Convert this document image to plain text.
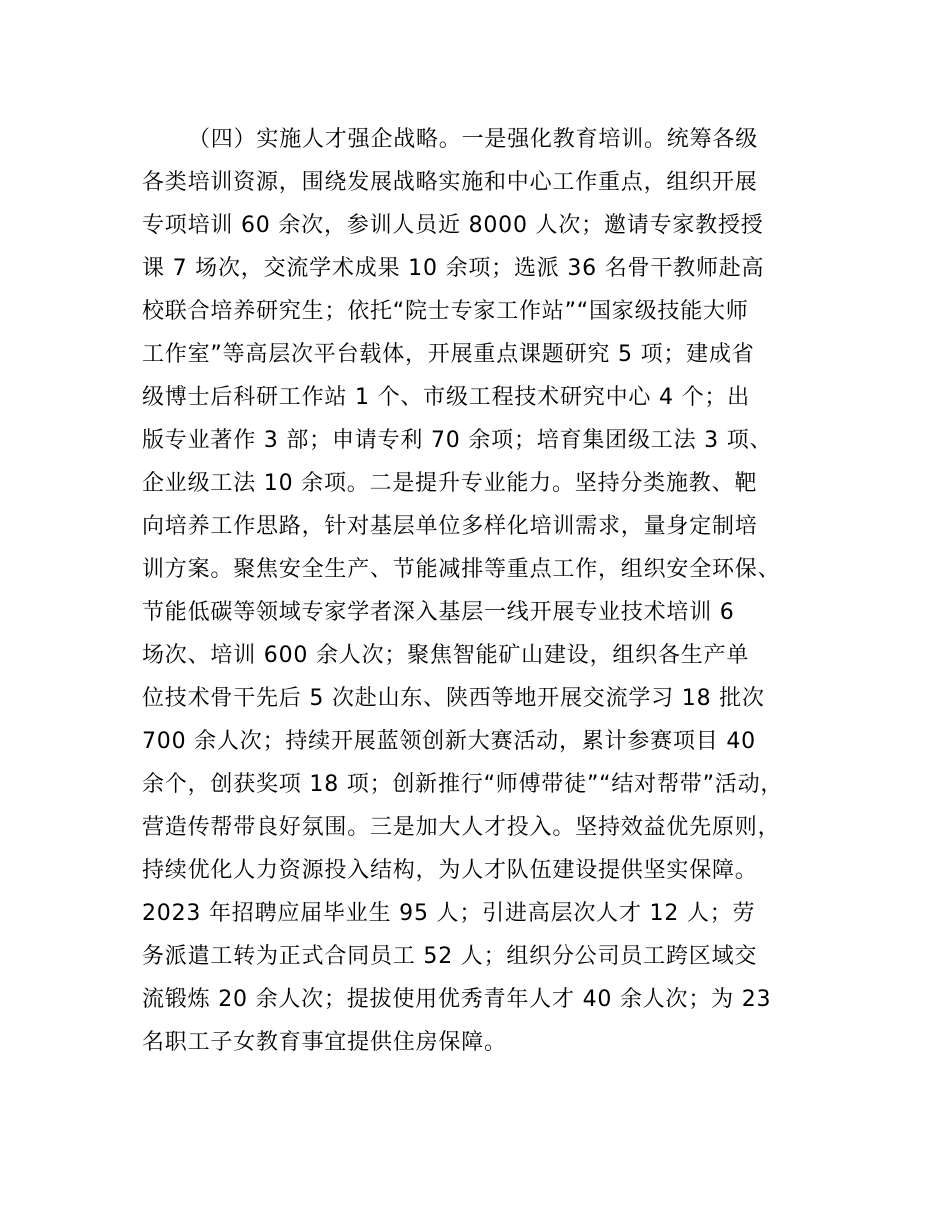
（四）实施人才强企战略。一是强化教育培训。统筹各级
各类培训资源，围绕发展战略实施和中心工作重点，组织开展
专项培训 60 余次，参训人员近 8000 人次；邀请专家教授授
课 7 场次，交流学术成果 10 余项；选派 36 名骨干教师赴高
校联合培养研究生；依托“院士专家工作站”“国家级技能大师
工作室”等高层次平台载体，开展重点课题研究 5 项；建成省
级博士后科研工作站 1 个、市级工程技术研究中心 4 个；出
版专业著作 3 部；申请专利 70 余项；培育集团级工法 3 项、
企业级工法 10 余项。二是提升专业能力。坚持分类施教、靶
向培养工作思路，针对基层单位多样化培训需求，量身定制培
训方案。聚焦安全生产、节能减排等重点工作，组织安全环保、
节能低碳等领域专家学者深入基层一线开展专业技术培训 6
场次、培训 600 余人次；聚焦智能矿山建设，组织各生产单
位技术骨干先后 5 次赴山东、陕西等地开展交流学习 18 批次
700 余人次；持续开展蓝领创新大赛活动，累计参赛项目 40
余个，创获奖项 18 项；创新推行“师傅带徒”“结对帮带”活动，
营造传帮带良好氛围。三是加大人才投入。坚持效益优先原则，
持续优化人力资源投入结构，为人才队伍建设提供坚实保障。
2023 年招聘应届毕业生 95 人；引进高层次人才 12 人；劳
务派遣工转为正式合同员工 52 人；组织分公司员工跨区域交
流锻炼 20 余人次；提拔使用优秀青年人才 40 余人次；为 23
名职工子女教育事宜提供住房保障。
